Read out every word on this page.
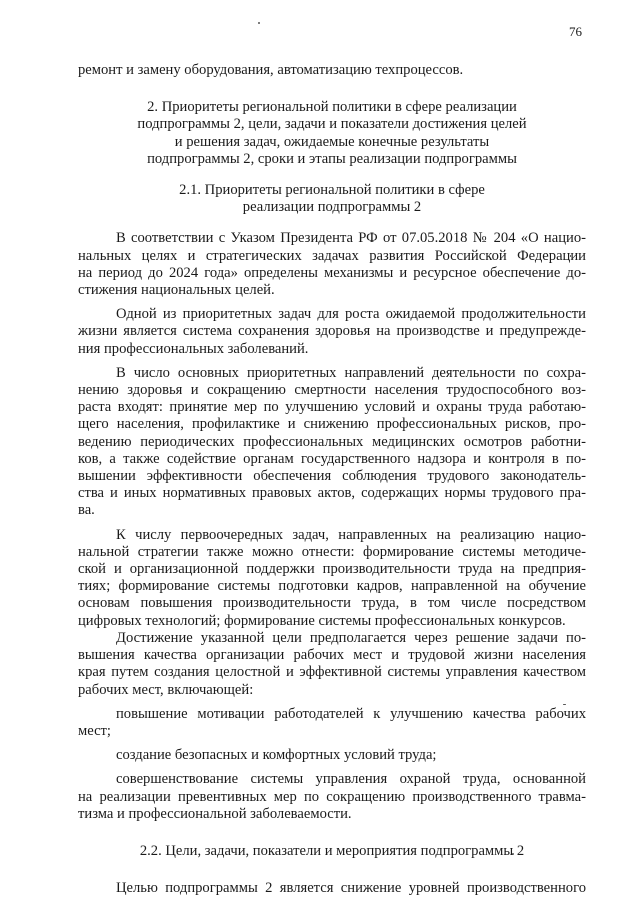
76
ремонт и замену оборудования, автоматизацию техпроцессов.
2. Приоритеты региональной политики в сфере реализации
подпрограммы 2, цели, задачи и показатели достижения целей
и решения задач, ожидаемые конечные результаты
подпрограммы 2, сроки и этапы реализации подпрограммы
2.1. Приоритеты региональной политики в сфере
реализации подпрограммы 2
В соответствии с Указом Президента РФ от 07.05.2018 № 204 «О нацио-
нальных целях и стратегических задачах развития Российской Федерации
на период до 2024 года» определены механизмы и ресурсное обеспечение до-
стижения национальных целей.
Одной из приоритетных задач для роста ожидаемой продолжительности
жизни является система сохранения здоровья на производстве и предупрежде-
ния профессиональных заболеваний.
В число основных приоритетных направлений деятельности по сохра-
нению здоровья и сокращению смертности населения трудоспособного воз-
раста входят: принятие мер по улучшению условий и охраны труда работаю-
щего населения, профилактике и снижению профессиональных рисков, про-
ведению периодических профессиональных медицинских осмотров работни-
ков, а также содействие органам государственного надзора и контроля в по-
вышении эффективности обеспечения соблюдения трудового законодатель-
ства и иных нормативных правовых актов, содержащих нормы трудового пра-
ва.
К числу первоочередных задач, направленных на реализацию нацио-
нальной стратегии также можно отнести: формирование системы методиче-
ской и организационной поддержки производительности труда на предприя-
тиях; формирование системы подготовки кадров, направленной на обучение
основам повышения производительности труда, в том числе посредством
цифровых технологий; формирование системы профессиональных конкурсов.
Достижение указанной цели предполагается через решение задачи по-
вышения качества организации рабочих мест и трудовой жизни населения
края путем создания целостной и эффективной системы управления качеством
рабочих мест, включающей:
повышение мотивации работодателей к улучшению качества рабочих
мест;
создание безопасных и комфортных условий труда;
совершенствование системы управления охраной труда, основанной
на реализации превентивных мер по сокращению производственного травма-
тизма и профессиональной заболеваемости.
2.2. Цели, задачи, показатели и мероприятия подпрограммы 2
Целью подпрограммы 2 является снижение уровней производственного
